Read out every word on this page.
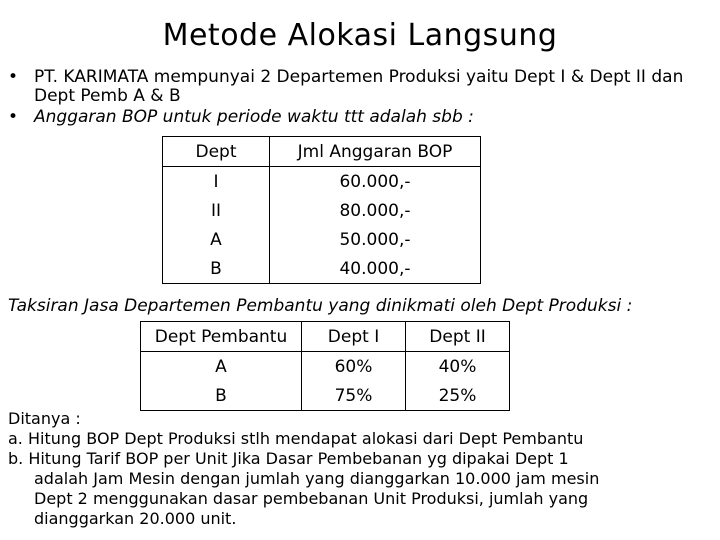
Metode Alokasi Langsung
• PT. KARIMATA mempunyai 2 Departemen Produksi yaitu Dept I & Dept II dan Dept Pemb A & B
• Anggaran BOP untuk periode waktu ttt adalah sbb :
Dept	Jml Anggaran BOP
I	60.000,-
II	80.000,-
A	50.000,-
B	40.000,-
Taksiran Jasa Departemen Pembantu yang dinikmati oleh Dept Produksi :
Dept Pembantu	Dept I	Dept II
A	60%	40%
B	75%	25%
Ditanya :
a. Hitung BOP Dept Produksi stlh mendapat alokasi dari Dept Pembantu
b. Hitung Tarif BOP per Unit Jika Dasar Pembebanan yg dipakai Dept 1
adalah Jam Mesin dengan jumlah yang dianggarkan 10.000 jam mesin
Dept 2 menggunakan dasar pembebanan Unit Produksi, jumlah yang
dianggarkan 20.000 unit.
